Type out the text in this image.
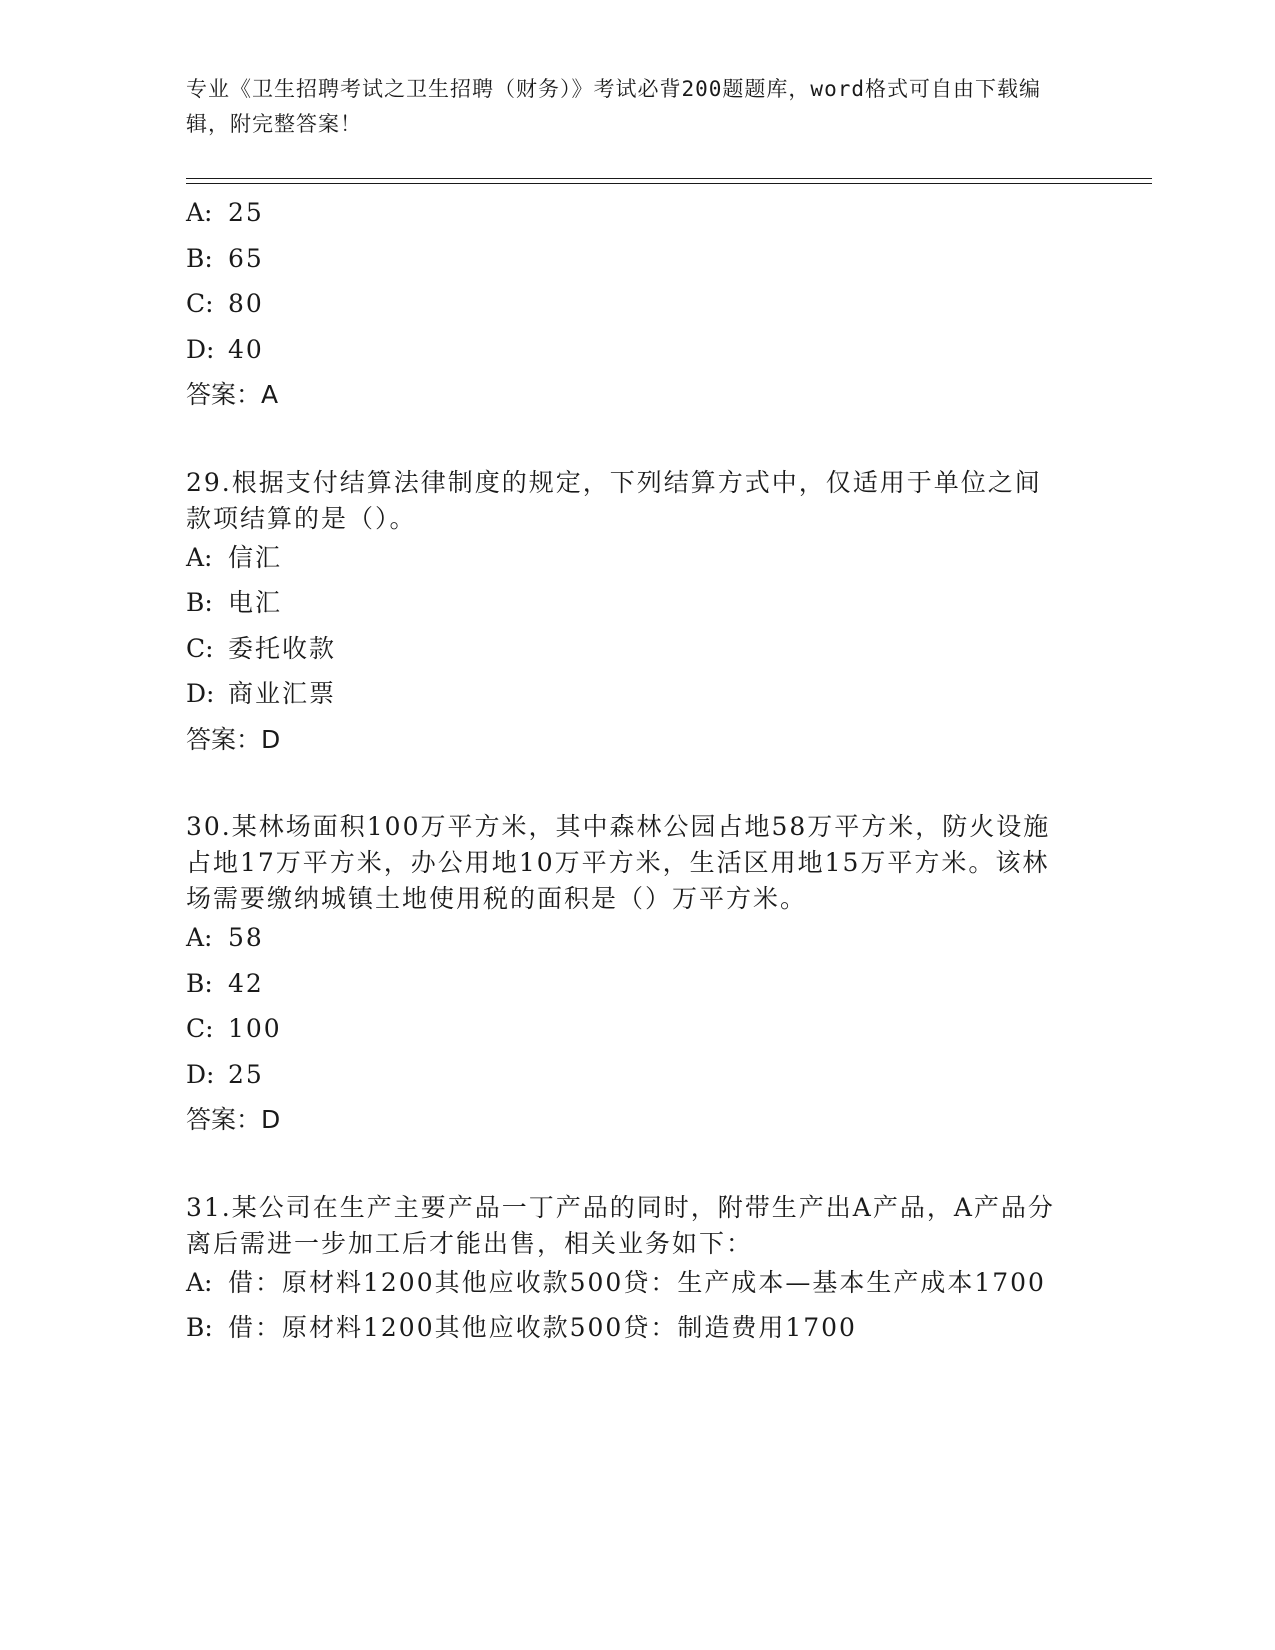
专业《卫生招聘考试之卫生招聘（财务）》考试必背200题题库，word格式可自由下载编辑，附完整答案！
A: 25
B: 65
C: 80
D: 40
答案：A
29.根据支付结算法律制度的规定，下列结算方式中，仅适用于单位之间款项结算的是（）。
A: 信汇
B: 电汇
C: 委托收款
D: 商业汇票
答案：D
30.某林场面积100万平方米，其中森林公园占地58万平方米，防火设施占地17万平方米，办公用地10万平方米，生活区用地15万平方米。该林场需要缴纳城镇土地使用税的面积是（）万平方米。
A: 58
B: 42
C: 100
D: 25
答案：D
31.某公司在生产主要产品一丁产品的同时，附带生产出A产品，A产品分离后需进一步加工后才能出售，相关业务如下：
A: 借：原材料1200其他应收款500贷：生产成本—基本生产成本1700
B: 借：原材料1200其他应收款500贷：制造费用1700
